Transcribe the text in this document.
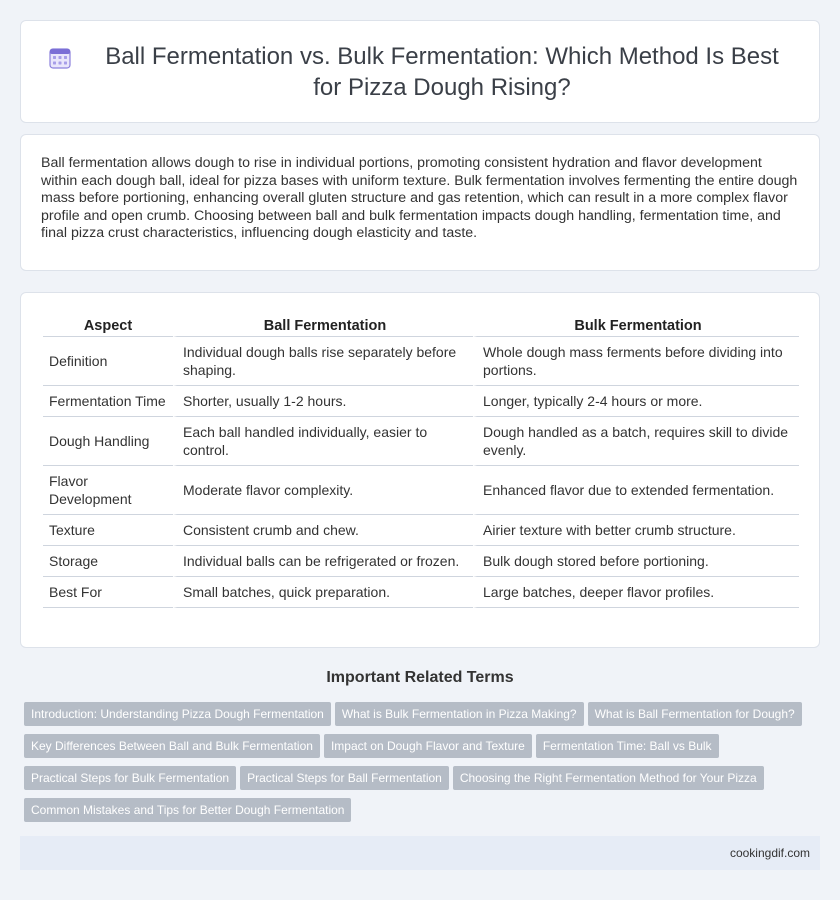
Ball Fermentation vs. Bulk Fermentation: Which Method Is Best for Pizza Dough Rising?

Ball fermentation allows dough to rise in individual portions, promoting consistent hydration and flavor development within each dough ball, ideal for pizza bases with uniform texture. Bulk fermentation involves fermenting the entire dough mass before portioning, enhancing overall gluten structure and gas retention, which can result in a more complex flavor profile and open crumb. Choosing between ball and bulk fermentation impacts dough handling, fermentation time, and final pizza crust characteristics, influencing dough elasticity and taste.

Aspect	Ball Fermentation	Bulk Fermentation
Definition	Individual dough balls rise separately before shaping.	Whole dough mass ferments before dividing into portions.
Fermentation Time	Shorter, usually 1-2 hours.	Longer, typically 2-4 hours or more.
Dough Handling	Each ball handled individually, easier to control.	Dough handled as a batch, requires skill to divide evenly.
Flavor Development	Moderate flavor complexity.	Enhanced flavor due to extended fermentation.
Texture	Consistent crumb and chew.	Airier texture with better crumb structure.
Storage	Individual balls can be refrigerated or frozen.	Bulk dough stored before portioning.
Best For	Small batches, quick preparation.	Large batches, deeper flavor profiles.
Important Related Terms
Introduction: Understanding Pizza Dough Fermentation What is Bulk Fermentation in Pizza Making? What is Ball Fermentation for Dough?
Key Differences Between Ball and Bulk Fermentation Impact on Dough Flavor and Texture Fermentation Time: Ball vs Bulk
Practical Steps for Bulk Fermentation Practical Steps for Ball Fermentation Choosing the Right Fermentation Method for Your Pizza
Common Mistakes and Tips for Better Dough Fermentation
cookingdif.com
